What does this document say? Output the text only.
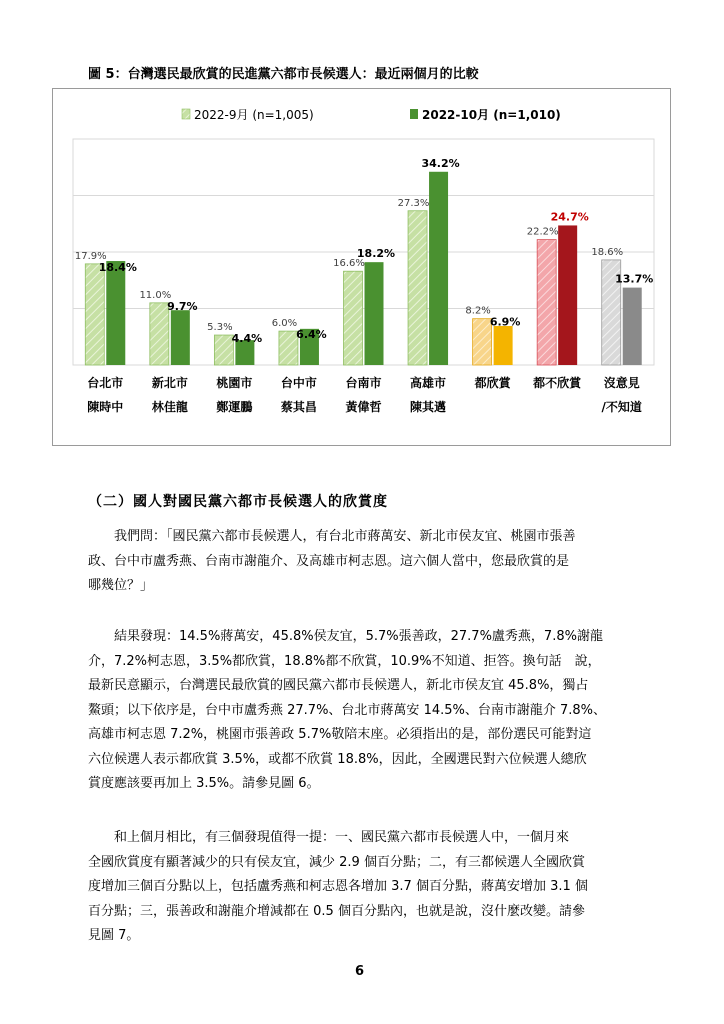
圖 5：台灣選民最欣賞的民進黨六都市長候選人：最近兩個月的比較
2022-9月 (n=1,005)	2022-10月 (n=1,010)
17.9%
18.4%
11.0%
9.7%
5.3%
4.4%
6.0%
6.4%
16.6%
18.2%
27.3%
34.2%
8.2%
6.9%
22.2%
24.7%
18.6%
13.7%
台北市
陳時中
新北市
林佳龍
桃園市
鄭運鵬
台中市
蔡其昌
台南市
黃偉哲
高雄市
陳其邁
都欣賞 都不欣賞 沒意見
/不知道
（二）國人對國民黨六都市長候選人的欣賞度
我們問：「國民黨六都市長候選人，有台北市蔣萬安、新北市侯友宜、桃園市張善
政、台中市盧秀燕、台南市謝龍介、及高雄市柯志恩。這六個人當中，您最欣賞的是
哪幾位？」
結果發現：14.5%蔣萬安，45.8%侯友宜，5.7%張善政，27.7%盧秀燕，7.8%謝龍
介，7.2%柯志恩，3.5%都欣賞，18.8%都不欣賞，10.9%不知道、拒答。換句話　說，
最新民意顯示，台灣選民最欣賞的國民黨六都市長候選人，新北市侯友宜 45.8%，獨占
鰲頭；以下依序是，台中市盧秀燕 27.7%、台北市蔣萬安 14.5%、台南市謝龍介 7.8%、
高雄市柯志恩 7.2%，桃園市張善政 5.7%敬陪末座。必須指出的是，部份選民可能對這
六位候選人表示都欣賞 3.5%，或都不欣賞 18.8%，因此，全國選民對六位候選人總欣
賞度應該要再加上 3.5%。請參見圖 6。
和上個月相比，有三個發現值得一提：一、國民黨六都市長候選人中，一個月來
全國欣賞度有顯著減少的只有侯友宜，減少 2.9 個百分點；二，有三都候選人全國欣賞
度增加三個百分點以上，包括盧秀燕和柯志恩各增加 3.7 個百分點，蔣萬安增加 3.1 個
百分點；三，張善政和謝龍介增減都在 0.5 個百分點內，也就是說，沒什麼改變。請參
見圖 7。
6
